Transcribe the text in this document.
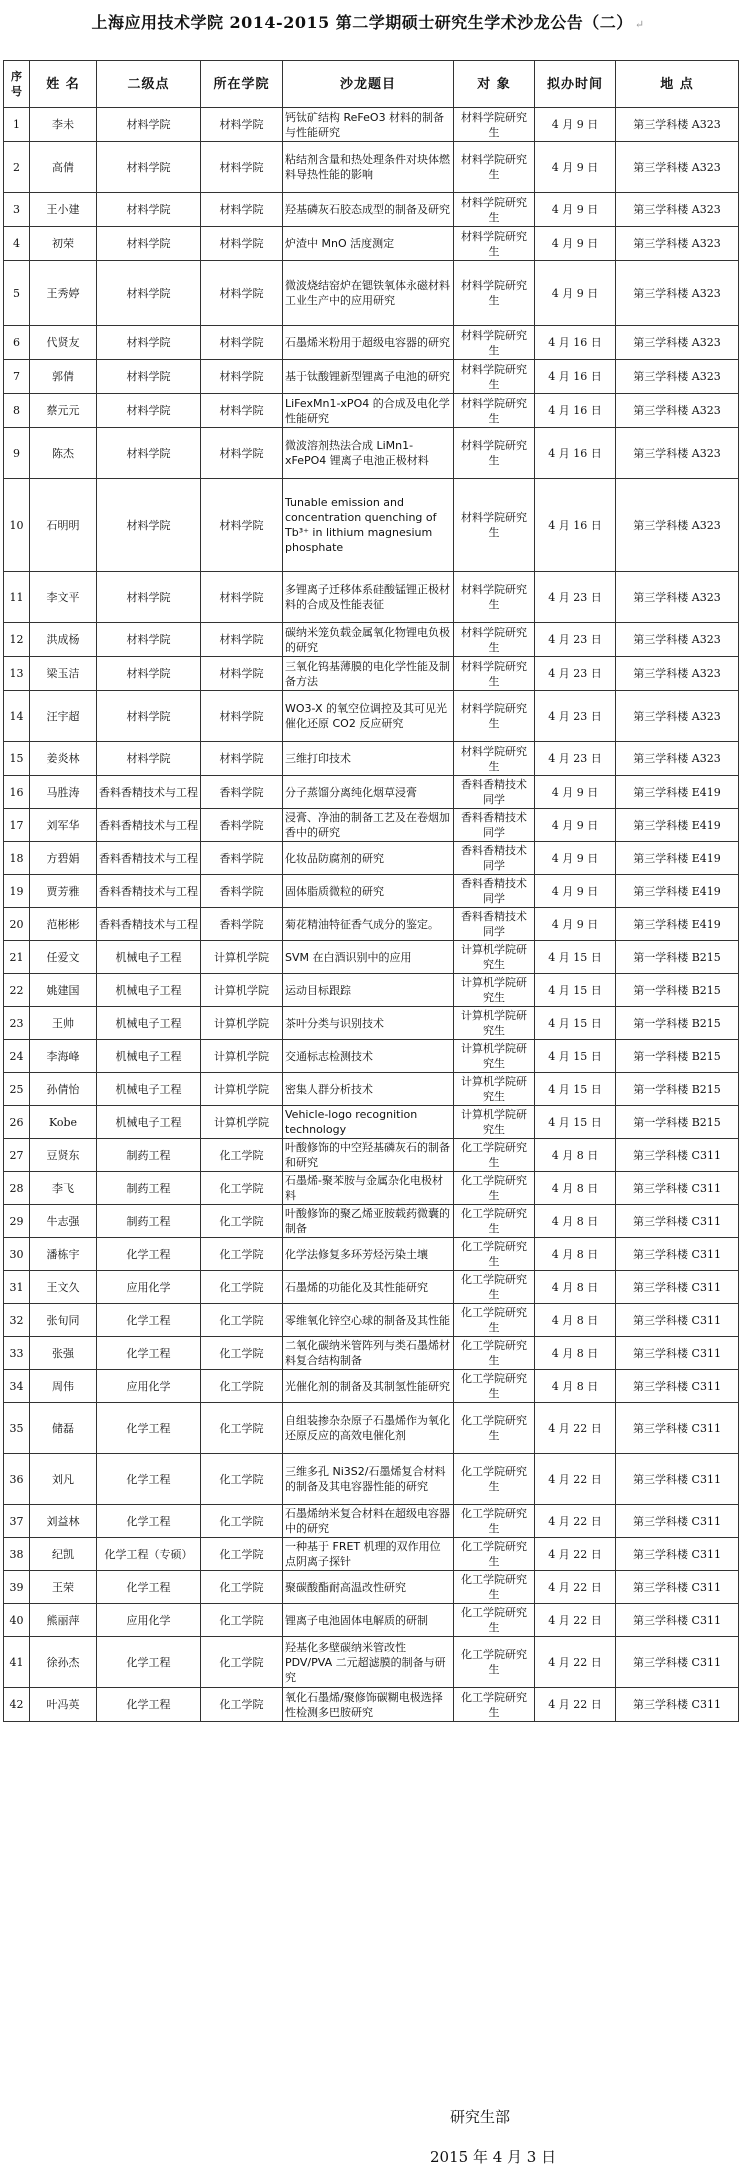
上海应用技术学院 2014-2015 第二学期硕士研究生学术沙龙公告（二） ↵
序号	姓 名	二级点	所在学院	沙龙题目	对 象	拟办时间	地 点
1	李未	材料学院	材料学院	钙钛矿结构 ReFeO3 材料的制备与性能研究	材料学院研究生	4 月 9 日	第三学科楼 A323
2	高倩	材料学院	材料学院	粘结剂含量和热处理条件对块体燃料导热性能的影响	材料学院研究生	4 月 9 日	第三学科楼 A323
3	王小建	材料学院	材料学院	羟基磷灰石胶态成型的制备及研究	材料学院研究生	4 月 9 日	第三学科楼 A323
4	初荣	材料学院	材料学院	炉渣中 MnO 活度测定	材料学院研究生	4 月 9 日	第三学科楼 A323
5	王秀婷	材料学院	材料学院	微波烧结窑炉在锶铁氧体永磁材料工业生产中的应用研究	材料学院研究生	4 月 9 日	第三学科楼 A323
6	代贤友	材料学院	材料学院	石墨烯米粉用于超级电容器的研究	材料学院研究生	4 月 16 日	第三学科楼 A323
7	郭倩	材料学院	材料学院	基于钛酸锂新型锂离子电池的研究	材料学院研究生	4 月 16 日	第三学科楼 A323
8	蔡元元	材料学院	材料学院	LiFexMn1-xPO4 的合成及电化学性能研究	材料学院研究生	4 月 16 日	第三学科楼 A323
9	陈杰	材料学院	材料学院	微波溶剂热法合成 LiMn1-xFePO4 锂离子电池正极材料	材料学院研究生	4 月 16 日	第三学科楼 A323
10	石明明	材料学院	材料学院	Tunable emission and concentration quenching of Tb³⁺ in lithium magnesium phosphate	材料学院研究生	4 月 16 日	第三学科楼 A323
11	李文平	材料学院	材料学院	多锂离子迁移体系硅酸锰锂正极材料的合成及性能表征	材料学院研究生	4 月 23 日	第三学科楼 A323
12	洪成杨	材料学院	材料学院	碳纳米笼负载金属氧化物锂电负极的研究	材料学院研究生	4 月 23 日	第三学科楼 A323
13	梁玉洁	材料学院	材料学院	三氧化钨基薄膜的电化学性能及制备方法	材料学院研究生	4 月 23 日	第三学科楼 A323
14	汪宇超	材料学院	材料学院	WO3-X 的氧空位调控及其可见光催化还原 CO2 反应研究	材料学院研究生	4 月 23 日	第三学科楼 A323
15	姜炎林	材料学院	材料学院	三维打印技术	材料学院研究生	4 月 23 日	第三学科楼 A323
16	马胜涛	香料香精技术与工程	香料学院	分子蒸馏分离纯化烟草浸膏	香料香精技术同学	4 月 9 日	第三学科楼 E419
17	刘军华	香料香精技术与工程	香料学院	浸膏、净油的制备工艺及在卷烟加香中的研究	香料香精技术同学	4 月 9 日	第三学科楼 E419
18	方碧娟	香料香精技术与工程	香料学院	化妆品防腐剂的研究	香料香精技术同学	4 月 9 日	第三学科楼 E419
19	贾芳雅	香料香精技术与工程	香料学院	固体脂质微粒的研究	香料香精技术同学	4 月 9 日	第三学科楼 E419
20	范彬彬	香料香精技术与工程	香料学院	菊花精油特征香气成分的鉴定。	香料香精技术同学	4 月 9 日	第三学科楼 E419
21	任爱文	机械电子工程	计算机学院	SVM 在白酒识别中的应用	计算机学院研究生	4 月 15 日	第一学科楼 B215
22	姚建国	机械电子工程	计算机学院	运动目标跟踪	计算机学院研究生	4 月 15 日	第一学科楼 B215
23	王帅	机械电子工程	计算机学院	茶叶分类与识别技术	计算机学院研究生	4 月 15 日	第一学科楼 B215
24	李海峰	机械电子工程	计算机学院	交通标志检测技术	计算机学院研究生	4 月 15 日	第一学科楼 B215
25	孙倩怡	机械电子工程	计算机学院	密集人群分析技术	计算机学院研究生	4 月 15 日	第一学科楼 B215
26	Kobe	机械电子工程	计算机学院	Vehicle-logo recognition technology	计算机学院研究生	4 月 15 日	第一学科楼 B215
27	豆贤东	制药工程	化工学院	叶酸修饰的中空羟基磷灰石的制备和研究	化工学院研究生	4 月 8 日	第三学科楼 C311
28	李飞	制药工程	化工学院	石墨烯-聚苯胺与金属杂化电极材料	化工学院研究生	4 月 8 日	第三学科楼 C311
29	牛志强	制药工程	化工学院	叶酸修饰的聚乙烯亚胺载药微囊的制备	化工学院研究生	4 月 8 日	第三学科楼 C311
30	潘栋宇	化学工程	化工学院	化学法修复多环芳烃污染土壤	化工学院研究生	4 月 8 日	第三学科楼 C311
31	王文久	应用化学	化工学院	石墨烯的功能化及其性能研究	化工学院研究生	4 月 8 日	第三学科楼 C311
32	张旬同	化学工程	化工学院	零维氧化锌空心球的制备及其性能	化工学院研究生	4 月 8 日	第三学科楼 C311
33	张强	化学工程	化工学院	二氧化碳纳米管阵列与类石墨烯材料复合结构制备	化工学院研究生	4 月 8 日	第三学科楼 C311
34	周伟	应用化学	化工学院	光催化剂的制备及其制氢性能研究	化工学院研究生	4 月 8 日	第三学科楼 C311
35	储磊	化学工程	化工学院	自组装掺杂杂原子石墨烯作为氧化还原反应的高效电催化剂	化工学院研究生	4 月 22 日	第三学科楼 C311
36	刘凡	化学工程	化工学院	三维多孔 Ni3S2/石墨烯复合材料的制备及其电容器性能的研究	化工学院研究生	4 月 22 日	第三学科楼 C311
37	刘益林	化学工程	化工学院	石墨烯纳米复合材料在超级电容器中的研究	化工学院研究生	4 月 22 日	第三学科楼 C311
38	纪凯	化学工程（专硕）	化工学院	一种基于 FRET 机理的双作用位点阴离子探针	化工学院研究生	4 月 22 日	第三学科楼 C311
39	王荣	化学工程	化工学院	聚碳酸酯耐高温改性研究	化工学院研究生	4 月 22 日	第三学科楼 C311
40	熊丽萍	应用化学	化工学院	锂离子电池固体电解质的研制	化工学院研究生	4 月 22 日	第三学科楼 C311
41	徐孙杰	化学工程	化工学院	羟基化多壁碳纳米管改性 PDV/PVA 二元超滤膜的制备与研究	化工学院研究生	4 月 22 日	第三学科楼 C311
42	叶冯英	化学工程	化工学院	氧化石墨烯/聚修饰碳糊电极选择性检测多巴胺研究	化工学院研究生	4 月 22 日	第三学科楼 C311
研究生部
2015 年 4 月 3 日
